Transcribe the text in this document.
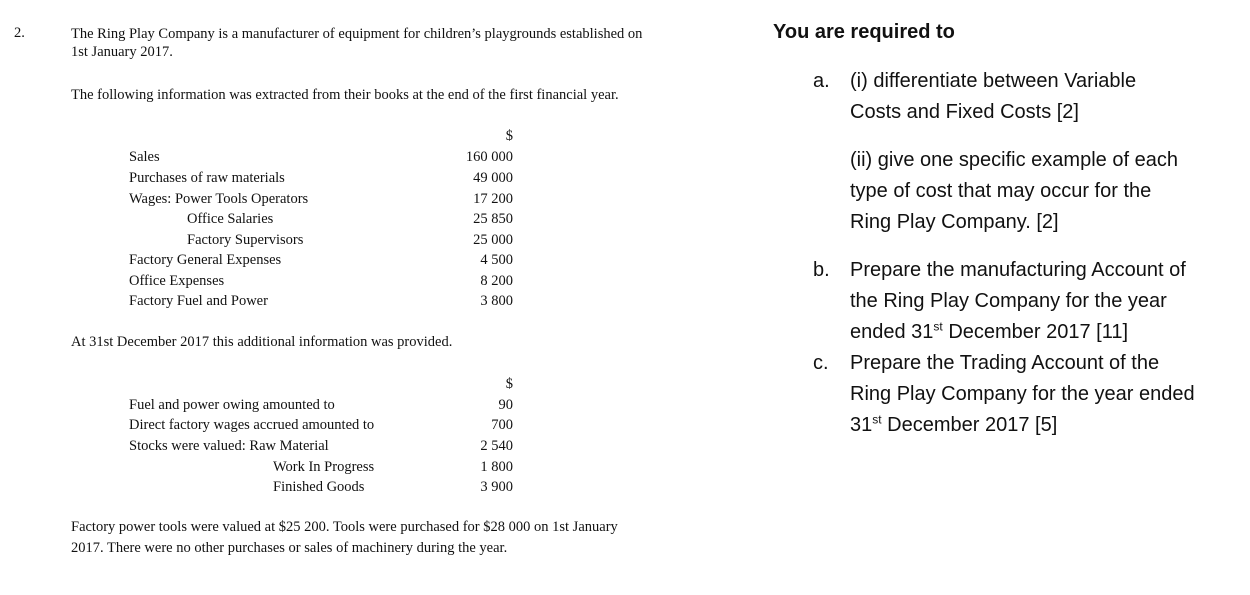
2.	The Ring Play Company is a manufacturer of equipment for children’s playgrounds established on
1st January 2017.
The following information was extracted from their books at the end of the first financial year.
$
Sales	160 000
Purchases of raw materials	49 000
Wages: Power Tools Operators	17 200
Office Salaries	25 850
Factory Supervisors	25 000
Factory General Expenses	4 500
Office Expenses	8 200
Factory Fuel and Power	3 800
At 31st December 2017 this additional information was provided.
$
Fuel and power owing amounted to	90
Direct factory wages accrued amounted to	700
Stocks were valued: Raw Material	2 540
Work In Progress	1 800
Finished Goods	3 900
Factory power tools were valued at $25 200. Tools were purchased for $28 000 on 1st January
2017. There were no other purchases or sales of machinery during the year.
You are required to
a. (i) differentiate between Variable
Costs and Fixed Costs [2]
(ii) give one specific example of each
type of cost that may occur for the
Ring Play Company. [2]
b. Prepare the manufacturing Account of
the Ring Play Company for the year
ended 31st December 2017 [11]
c. Prepare the Trading Account of the
Ring Play Company for the year ended
31st December 2017 [5]
